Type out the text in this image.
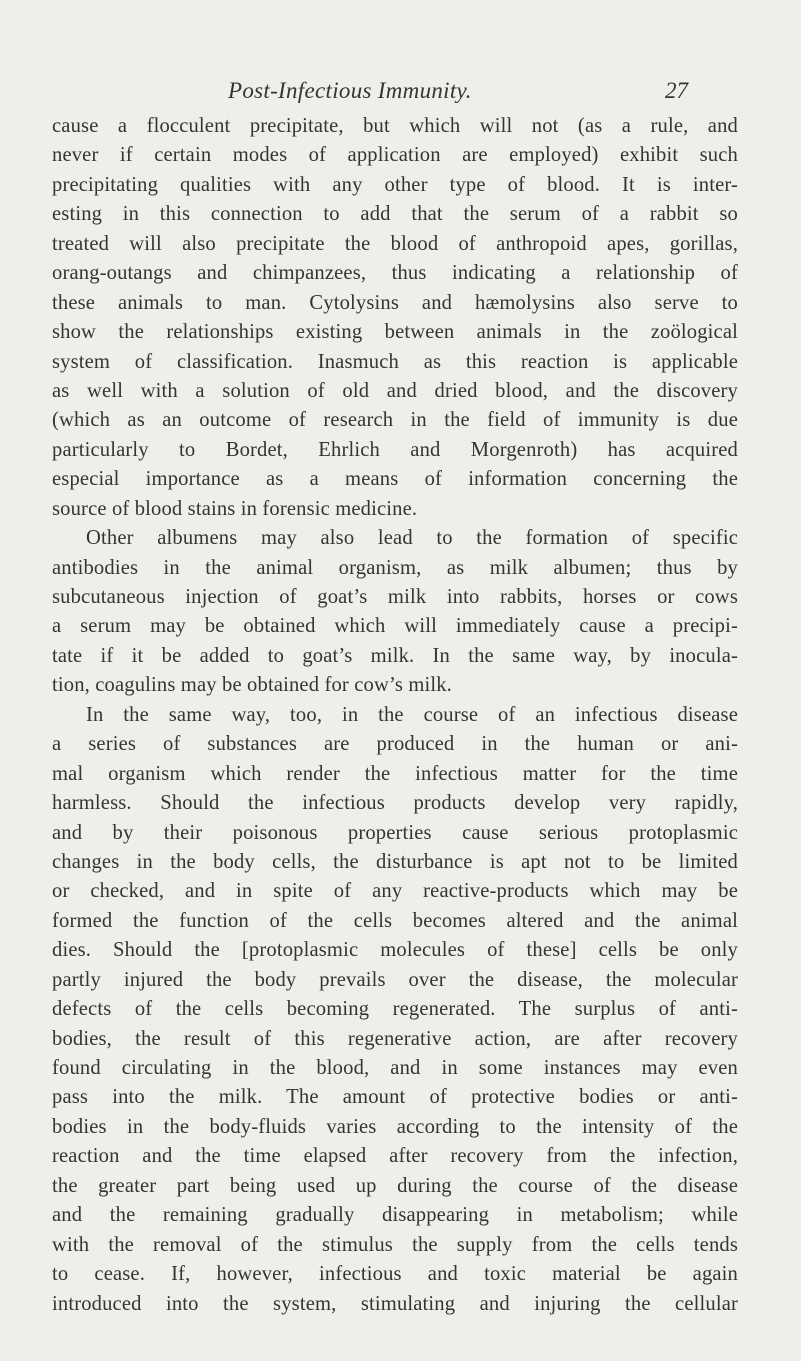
Post-Infectious Immunity.	27
cause a flocculent precipitate, but which will not (as a rule, and
never if certain modes of application are employed) exhibit such
precipitating qualities with any other type of blood. It is inter-
esting in this connection to add that the serum of a rabbit so
treated will also precipitate the blood of anthropoid apes, gorillas,
orang-outangs and chimpanzees, thus indicating a relationship of
these animals to man. Cytolysins and hæmolysins also serve to
show the relationships existing between animals in the zoölogical
system of classification. Inasmuch as this reaction is applicable
as well with a solution of old and dried blood, and the discovery
(which as an outcome of research in the field of immunity is due
particularly to Bordet, Ehrlich and Morgenroth) has acquired
especial importance as a means of information concerning the
source of blood stains in forensic medicine.
Other albumens may also lead to the formation of specific
antibodies in the animal organism, as milk albumen; thus by
subcutaneous injection of goat’s milk into rabbits, horses or cows
a serum may be obtained which will immediately cause a precipi-
tate if it be added to goat’s milk. In the same way, by inocula-
tion, coagulins may be obtained for cow’s milk.
In the same way, too, in the course of an infectious disease
a series of substances are produced in the human or ani-
mal organism which render the infectious matter for the time
harmless. Should the infectious products develop very rapidly,
and by their poisonous properties cause serious protoplasmic
changes in the body cells, the disturbance is apt not to be limited
or checked, and in spite of any reactive-products which may be
formed the function of the cells becomes altered and the animal
dies. Should the [protoplasmic molecules of these] cells be only
partly injured the body prevails over the disease, the molecular
defects of the cells becoming regenerated. The surplus of anti-
bodies, the result of this regenerative action, are after recovery
found circulating in the blood, and in some instances may even
pass into the milk. The amount of protective bodies or anti-
bodies in the body-fluids varies according to the intensity of the
reaction and the time elapsed after recovery from the infection,
the greater part being used up during the course of the disease
and the remaining gradually disappearing in metabolism; while
with the removal of the stimulus the supply from the cells tends
to cease. If, however, infectious and toxic material be again
introduced into the system, stimulating and injuring the cellular
